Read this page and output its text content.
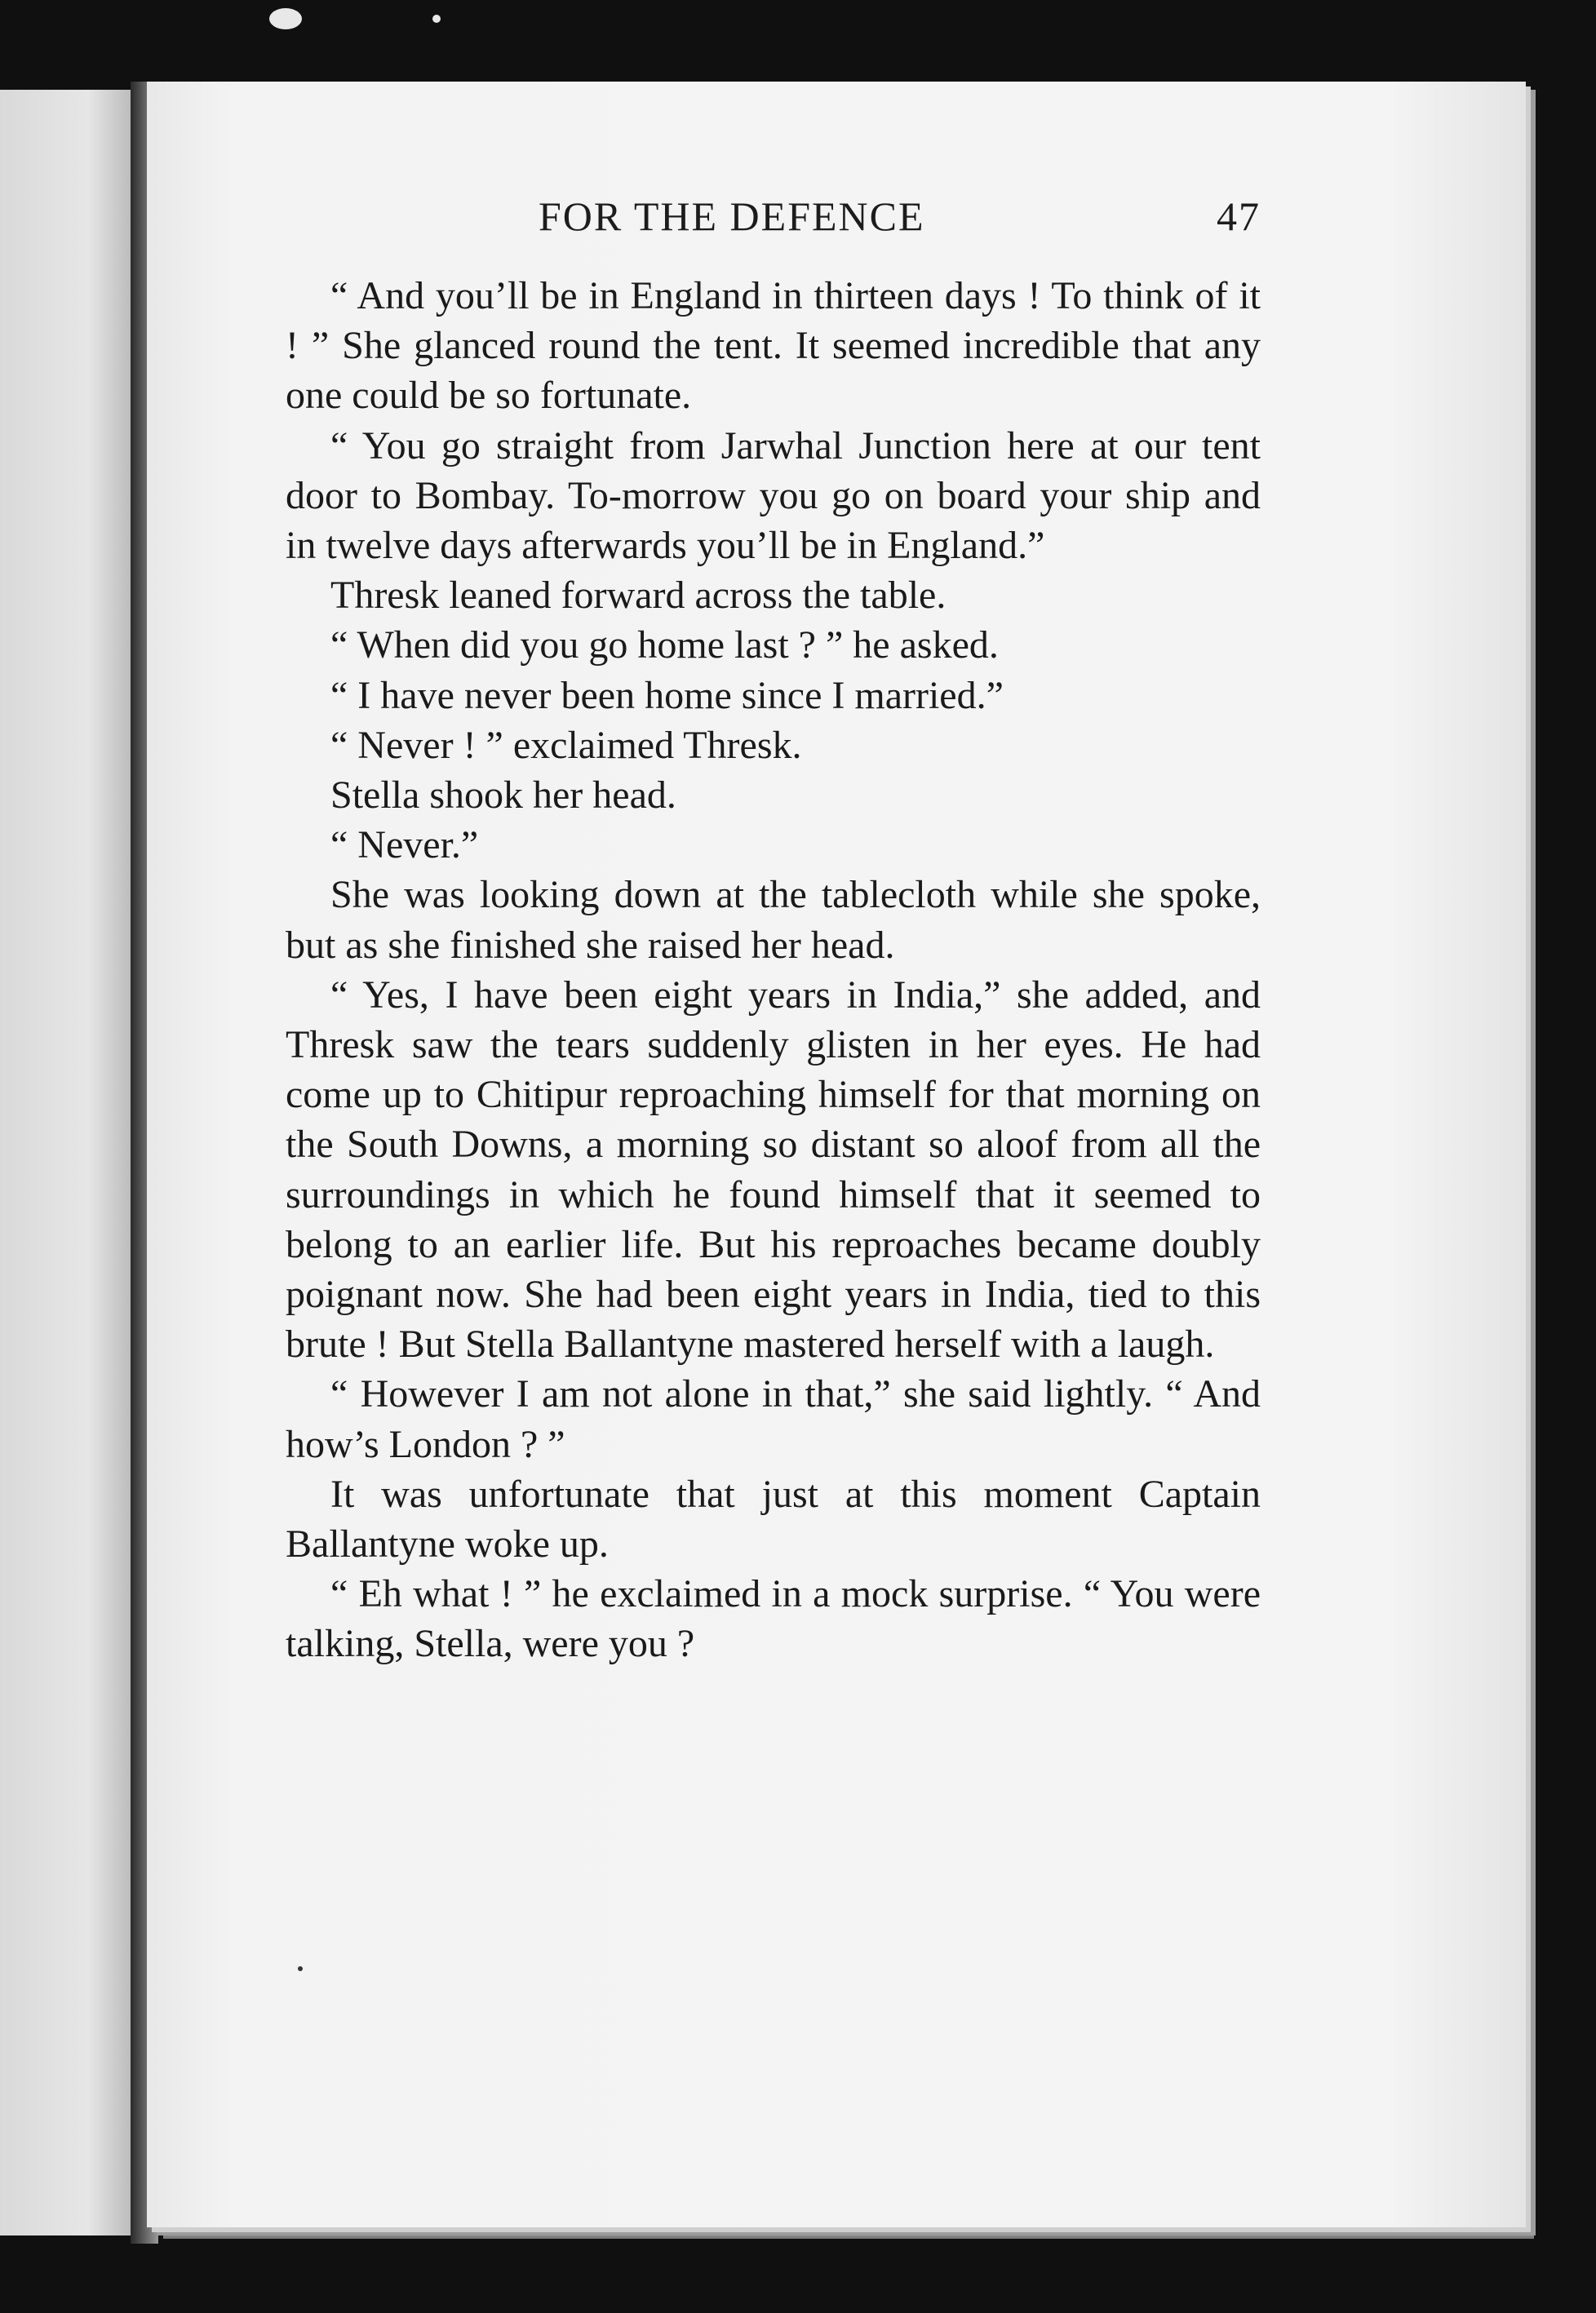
FOR THE DEFENCE	47

“ And you’ll be in England in thirteen days ! To think of it ! ” She glanced round the tent. It seemed incredible that any one could be so fortunate.

“ You go straight from Jarwhal Junction here at our tent door to Bombay. To-morrow you go on board your ship and in twelve days afterwards you’ll be in England.”

Thresk leaned forward across the table.

“ When did you go home last ? ” he asked.

“ I have never been home since I married.”

“ Never ! ” exclaimed Thresk.

Stella shook her head.

“ Never.”

She was looking down at the tablecloth while she spoke, but as she finished she raised her head.

“ Yes, I have been eight years in India,” she added, and Thresk saw the tears suddenly glisten in her eyes. He had come up to Chitipur reproaching himself for that morning on the South Downs, a morning so distant so aloof from all the surroundings in which he found himself that it seemed to belong to an earlier life. But his reproaches became doubly poignant now. She had been eight years in India, tied to this brute ! But Stella Ballantyne mastered herself with a laugh.

“ However I am not alone in that,” she said lightly. “ And how’s London ? ”

It was unfortunate that just at this moment Captain Ballantyne woke up.

“ Eh what ! ” he exclaimed in a mock surprise. “ You were talking, Stella, were you ?
